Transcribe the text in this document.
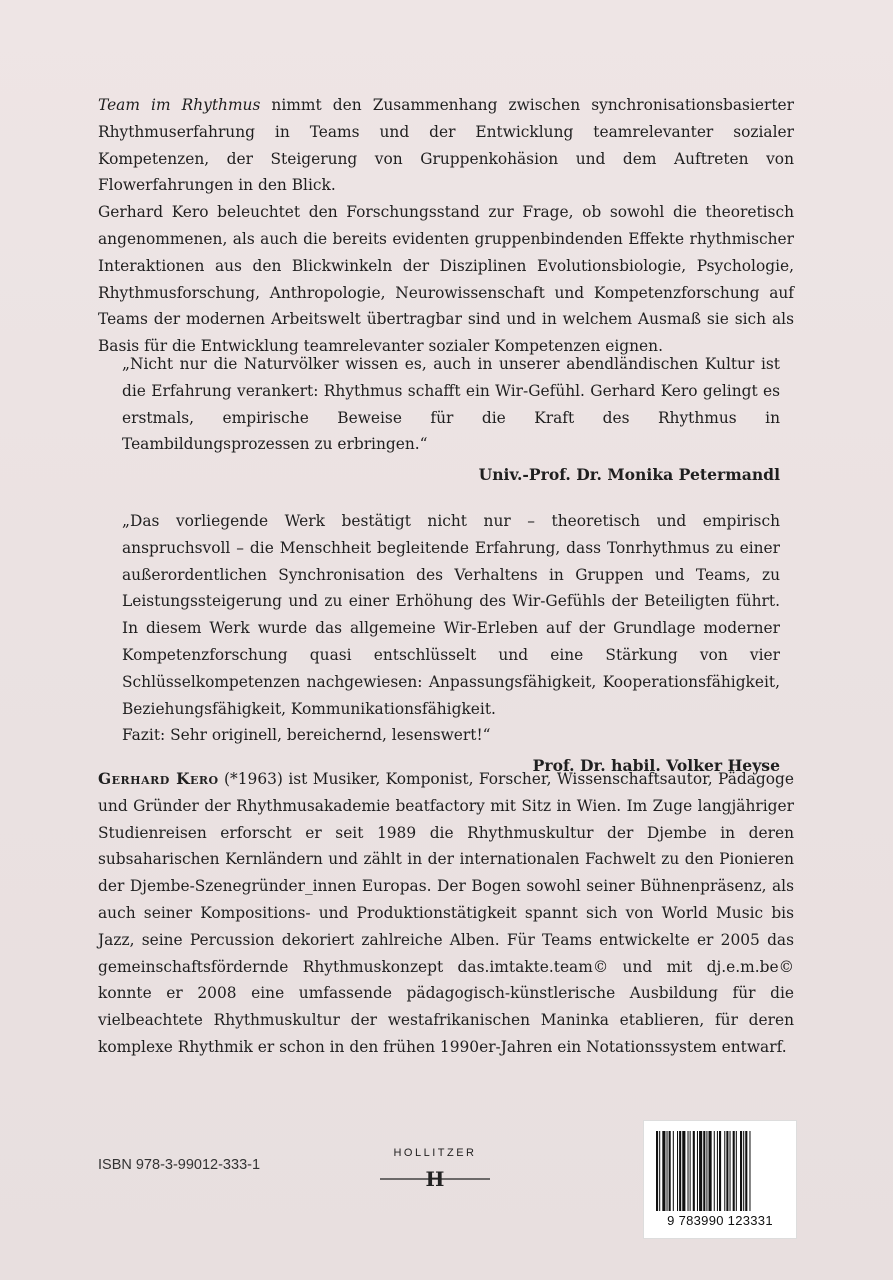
Team im Rhythmus nimmt den Zusammenhang zwischen synchronisationsbasierter Rhythmuserfahrung in Teams und der Entwicklung teamrelevanter sozialer Kompetenzen, der Steigerung von Gruppenkohäsion und dem Auftreten von Flowerfahrungen in den Blick.

Gerhard Kero beleuchtet den Forschungsstand zur Frage, ob sowohl die theoretisch angenommenen, als auch die bereits evidenten gruppenbindenden Effekte rhythmischer Interaktionen aus den Blickwinkeln der Disziplinen Evolutionsbiologie, Psychologie, Rhythmusforschung, Anthropologie, Neurowissenschaft und Kompetenzforschung auf Teams der modernen Arbeitswelt übertragbar sind und in welchem Ausmaß sie sich als Basis für die Entwicklung teamrelevanter sozialer Kompetenzen eignen.

„Nicht nur die Naturvölker wissen es, auch in unserer abendländischen Kultur ist die Erfahrung verankert: Rhythmus schafft ein Wir-Gefühl. Gerhard Kero gelingt es erstmals, empirische Beweise für die Kraft des Rhythmus in Teambildungsprozessen zu erbringen.“

Univ.-Prof. Dr. Monika Petermandl

„Das vorliegende Werk bestätigt nicht nur – theoretisch und empirisch anspruchsvoll – die Menschheit begleitende Erfahrung, dass Tonrhythmus zu einer außerordentlichen Synchronisation des Verhaltens in Gruppen und Teams, zu Leistungssteigerung und zu einer Erhöhung des Wir-Gefühls der Beteiligten führt. In diesem Werk wurde das allgemeine Wir-Erleben auf der Grundlage moderner Kompetenzforschung quasi entschlüsselt und eine Stärkung von vier Schlüsselkompetenzen nachgewiesen: Anpassungsfähigkeit, Kooperationsfähigkeit, Beziehungsfähigkeit, Kommunikationsfähigkeit.

Fazit: Sehr originell, bereichernd, lesenswert!“

Prof. Dr. habil. Volker Heyse

Gerhard Kero (*1963) ist Musiker, Komponist, Forscher, Wissenschaftsautor, Pädagoge und Gründer der Rhythmusakademie beatfactory mit Sitz in Wien. Im Zuge langjähriger Studienreisen erforscht er seit 1989 die Rhythmuskultur der Djembe in deren subsaharischen Kernländern und zählt in der internationalen Fachwelt zu den Pionieren der Djembe-Szenegründer_innen Europas. Der Bogen sowohl seiner Bühnenpräsenz, als auch seiner Kompositions- und Produktionstätigkeit spannt sich von World Music bis Jazz, seine Percussion dekoriert zahlreiche Alben. Für Teams entwickelte er 2005 das gemeinschaftsfördernde Rhythmuskonzept das.imtakte.team© und mit dj.e.m.be© konnte er 2008 eine umfassende pädagogisch-künstlerische Ausbildung für die vielbeachtete Rhythmuskultur der westafrikanischen Maninka etablieren, für deren komplexe Rhythmik er schon in den frühen 1990er-Jahren ein Notationssystem entwarf.

ISBN 978-3-99012-333-1
HOLLITZER
H
9 783990 123331
